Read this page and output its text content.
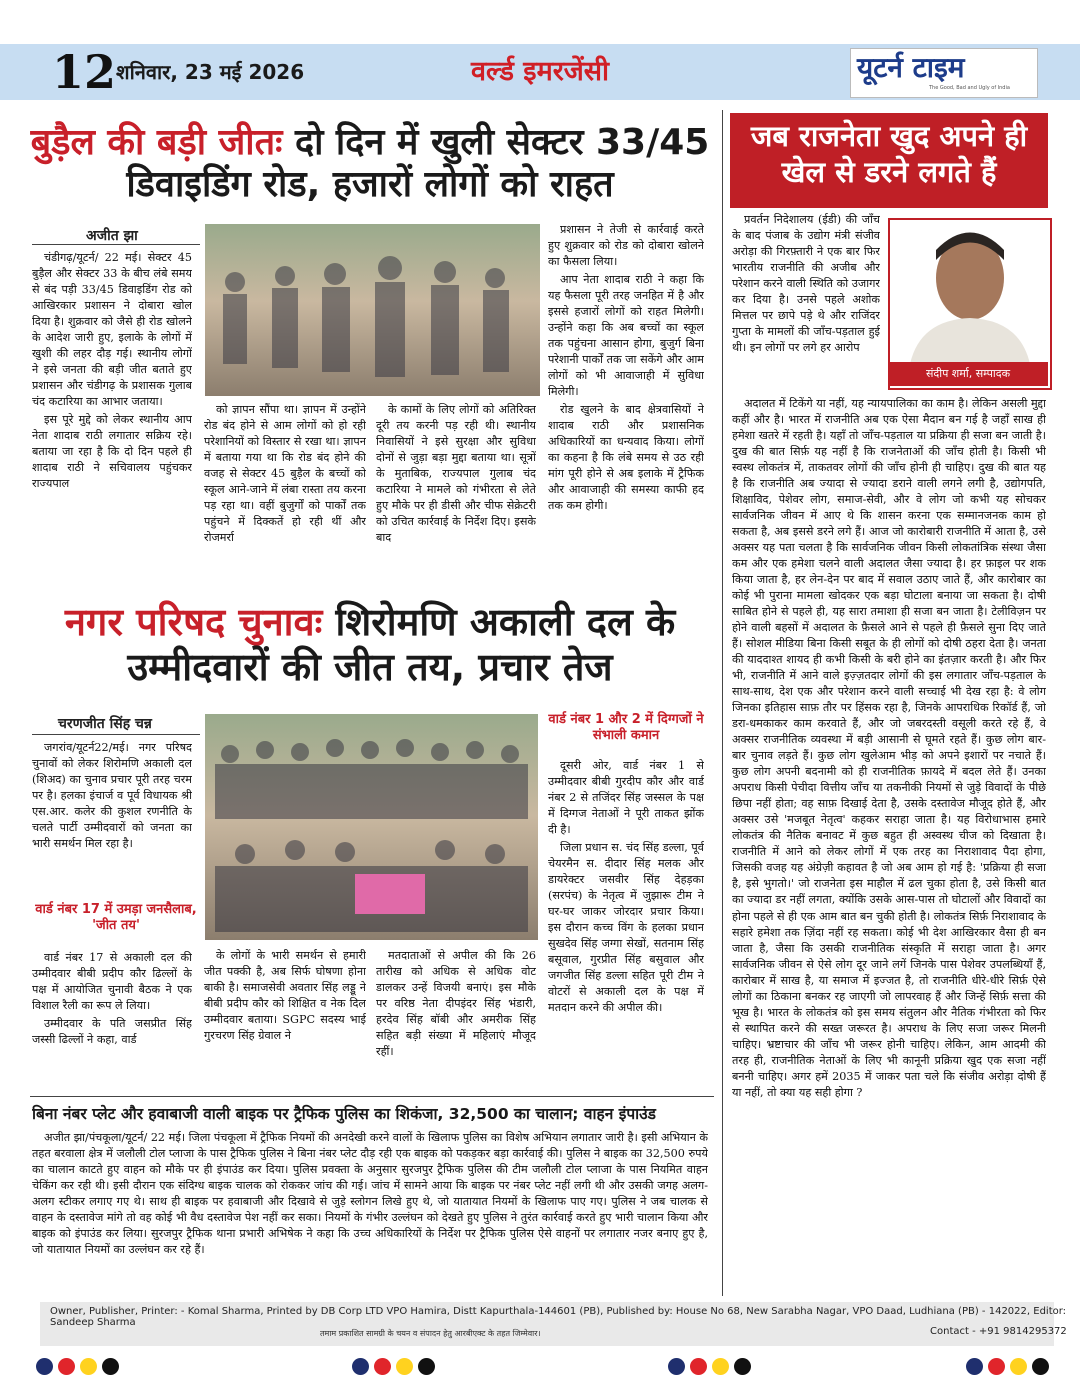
12 शनिवार, 23 मई 2026	वर्ल्ड इमरजेंसी	यूटर्न टाइम
The Good, Bad and Ugly of India
बुड़ैल की बड़ी जीतः दो दिन में खुली सेक्टर 33/45
डिवाइडिंग रोड, हजारों लोगों को राहत
अजीत झा

चंडीगढ़/यूटर्न/ 22 मई। सेक्टर 45 बुड़ैल और सेक्टर 33 के बीच लंबे समय से बंद पड़ी 33/45 डिवाइडिंग रोड को आखिरकार प्रशासन ने दोबारा खोल दिया है। शुक्रवार को जैसे ही रोड खोलने के आदेश जारी हुए, इलाके के लोगों में खुशी की लहर दौड़ गई। स्थानीय लोगों ने इसे जनता की बड़ी जीत बताते हुए प्रशासन और चंडीगढ़ के प्रशासक गुलाब चंद कटारिया का आभार जताया।

इस पूरे मुद्दे को लेकर स्थानीय आप नेता शादाब राठी लगातार सक्रिय रहे। बताया जा रहा है कि दो दिन पहले ही शादाब राठी ने सचिवालय पहुंचकर राज्यपाल

को ज्ञापन सौंपा था। ज्ञापन में उन्होंने रोड बंद होने से आम लोगों को हो रही परेशानियों को विस्तार से रखा था। ज्ञापन में बताया गया था कि रोड बंद होने की वजह से सेक्टर 45 बुड़ैल के बच्चों को स्कूल आने-जाने में लंबा रास्ता तय करना पड़ रहा था। वहीं बुजुर्गों को पार्कों तक पहुंचने में दिक्कतें हो रही थीं और रोजमर्रा

के कामों के लिए लोगों को अतिरिक्त दूरी तय करनी पड़ रही थी। स्थानीय निवासियों ने इसे सुरक्षा और सुविधा दोनों से जुड़ा बड़ा मुद्दा बताया था। सूत्रों के मुताबिक, राज्यपाल गुलाब चंद कटारिया ने मामले को गंभीरता से लेते हुए मौके पर ही डीसी और चीफ सेक्रेटरी को उचित कार्रवाई के निर्देश दिए। इसके बाद

प्रशासन ने तेजी से कार्रवाई करते हुए शुक्रवार को रोड को दोबारा खोलने का फैसला लिया।

आप नेता शादाब राठी ने कहा कि यह फैसला पूरी तरह जनहित में है और इससे हजारों लोगों को राहत मिलेगी। उन्होंने कहा कि अब बच्चों का स्कूल तक पहुंचना आसान होगा, बुजुर्ग बिना परेशानी पार्कों तक जा सकेंगे और आम लोगों को भी आवाजाही में सुविधा मिलेगी।

रोड खुलने के बाद क्षेत्रवासियों ने शादाब राठी और प्रशासनिक अधिकारियों का धन्यवाद किया। लोगों का कहना है कि लंबे समय से उठ रही मांग पूरी होने से अब इलाके में ट्रैफिक और आवाजाही की समस्या काफी हद तक कम होगी।

नगर परिषद चुनावः शिरोमणि अकाली दल के
उम्मीदवारों की जीत तय, प्रचार तेज
चरणजीत सिंह चन्न

जगरांव/यूटर्न22/मई। नगर परिषद चुनावों को लेकर शिरोमणि अकाली दल (शिअद) का चुनाव प्रचार पूरी तरह चरम पर है। हलका इंचार्ज व पूर्व विधायक श्री एस.आर. कलेर की कुशल रणनीति के चलते पार्टी उम्मीदवारों को जनता का भारी समर्थन मिल रहा है।

वार्ड नंबर 17 में उमड़ा जनसैलाब, 'जीत तय'

वार्ड नंबर 17 से अकाली दल की उम्मीदवार बीबी प्रदीप कौर ढिल्लों के पक्ष में आयोजित चुनावी बैठक ने एक विशाल रैली का रूप ले लिया।

उम्मीदवार के पति जसप्रीत सिंह जस्सी ढिल्लों ने कहा, वार्ड

के लोगों के भारी समर्थन से हमारी जीत पक्की है, अब सिर्फ घोषणा होना बाकी है। समाजसेवी अवतार सिंह लड्डू ने बीबी प्रदीप कौर को शिक्षित व नेक दिल उम्मीदवार बताया। SGPC सदस्य भाई गुरचरण सिंह ग्रेवाल ने

मतदाताओं से अपील की कि 26 तारीख को अधिक से अधिक वोट डालकर उन्हें विजयी बनाएं। इस मौके पर वरिष्ठ नेता दीपइंदर सिंह भंडारी, हरदेव सिंह बॉबी और अमरीक सिंह सहित बड़ी संख्या में महिलाएं मौजूद रहीं।

वार्ड नंबर 1 और 2 में दिग्गजों ने संभाली कमान

दूसरी ओर, वार्ड नंबर 1 से उम्मीदवार बीबी गुरदीप कौर और वार्ड नंबर 2 से तजिंदर सिंह जस्सल के पक्ष में दिग्गज नेताओं ने पूरी ताकत झोंक दी है।

जिला प्रधान स. चंद सिंह डल्ला, पूर्व चेयरमैन स. दीदार सिंह मलक और डायरेक्टर जसवीर सिंह देहड़का (सरपंच) के नेतृत्व में जुझारू टीम ने घर-घर जाकर जोरदार प्रचार किया। इस दौरान कच्च विंग के हलका प्रधान सुखदेव सिंह जग्गा सेखों, सतनाम सिंह बसूवाल, गुरप्रीत सिंह बसुवाल और जगजीत सिंह डल्ला सहित पूरी टीम ने वोटरों से अकाली दल के पक्ष में मतदान करने की अपील की।

बिना नंबर प्लेट और हवाबाजी वाली बाइक पर ट्रैफिक पुलिस का शिकंजा, 32,500 का चालान; वाहन इंपाउंड

अजीत झा/पंचकूला/यूटर्न/ 22 मई। जिला पंचकूला में ट्रैफिक नियमों की अनदेखी करने वालों के खिलाफ पुलिस का विशेष अभियान लगातार जारी है। इसी अभियान के तहत बरवाला क्षेत्र में जलौली टोल प्लाजा के पास ट्रैफिक पुलिस ने बिना नंबर प्लेट दौड़ रही एक बाइक को पकड़कर बड़ा कार्रवाई की। पुलिस ने बाइक का 32,500 रुपये का चालान काटते हुए वाहन को मौके पर ही इंपाउंड कर दिया। पुलिस प्रवक्ता के अनुसार सुरजपुर ट्रैफिक पुलिस की टीम जलौली टोल प्लाजा के पास नियमित वाहन चेकिंग कर रही थी। इसी दौरान एक संदिग्ध बाइक चालक को रोककर जांच की गई। जांच में सामने आया कि बाइक पर नंबर प्लेट नहीं लगी थी और उसकी जगह अलग-अलग स्टीकर लगाए गए थे। साथ ही बाइक पर हवाबाजी और दिखावे से जुड़े स्लोगन लिखे हुए थे, जो यातायात नियमों के खिलाफ पाए गए। पुलिस ने जब चालक से वाहन के दस्तावेज मांगे तो वह कोई भी वैध दस्तावेज पेश नहीं कर सका। नियमों के गंभीर उल्लंघन को देखते हुए पुलिस ने तुरंत कार्रवाई करते हुए भारी चालान किया और बाइक को इंपाउंड कर लिया। सुरजपुर ट्रैफिक थाना प्रभारी अभिषेक ने कहा कि उच्च अधिकारियों के निर्देश पर ट्रैफिक पुलिस ऐसे वाहनों पर लगातार नजर बनाए हुए है, जो यातायात नियमों का उल्लंघन कर रहे हैं।

जब राजनेता खुद अपने ही
खेल से डरने लगते हैं
संदीप शर्मा, सम्पादक

प्रवर्तन निदेशालय (ईडी) की जाँच के बाद पंजाब के उद्योग मंत्री संजीव अरोड़ा की गिरफ़्तारी ने एक बार फिर भारतीय राजनीति की अजीब और परेशान करने वाली स्थिति को उजागर कर दिया है। उनसे पहले अशोक मित्तल पर छापे पड़े थे और राजिंदर गुप्ता के मामलों की जाँच-पड़ताल हुई थी। इन लोगों पर लगे हर आरोप

अदालत में टिकेंगे या नहीं, यह न्यायपालिका का काम है। लेकिन असली मुद्दा कहीं और है। भारत में राजनीति अब एक ऐसा मैदान बन गई है जहाँ साख ही हमेशा खतरे में रहती है। यहाँ तो जाँच-पड़ताल या प्रक्रिया ही सजा बन जाती है। दुख की बात सिर्फ़ यह नहीं है कि राजनेताओं की जाँच होती है। किसी भी स्वस्थ लोकतंत्र में, ताकतवर लोगों की जाँच होनी ही चाहिए। दुख की बात यह है कि राजनीति अब ज्यादा से ज्यादा डराने वाली लगने लगी है, उद्योगपति, शिक्षाविद, पेशेवर लोग, समाज-सेवी, और वे लोग जो कभी यह सोचकर सार्वजनिक जीवन में आए थे कि शासन करना एक सम्मानजनक काम हो सकता है, अब इससे डरने लगे हैं। आज जो कारोबारी राजनीति में आता है, उसे अक्सर यह पता चलता है कि सार्वजनिक जीवन किसी लोकतांत्रिक संस्था जैसा कम और एक हमेशा चलने वाली अदालत जैसा ज्यादा है। हर फ़ाइल पर शक किया जाता है, हर लेन-देन पर बाद में सवाल उठाए जाते हैं, और कारोबार का कोई भी पुराना मामला खोदकर एक बड़ा घोटाला बनाया जा सकता है। दोषी साबित होने से पहले ही, यह सारा तमाशा ही सजा बन जाता है। टेलीविज़न पर होने वाली बहसों में अदालत के फ़ैसले आने से पहले ही फ़ैसले सुना दिए जाते हैं। सोशल मीडिया बिना किसी सबूत के ही लोगों को दोषी ठहरा देता है। जनता की याददाश्त शायद ही कभी किसी के बरी होने का इंतज़ार करती है। और फिर भी, राजनीति में आने वाले इज़्ज़तदार लोगों की इस लगातार जाँच-पड़ताल के साथ-साथ, देश एक और परेशान करने वाली सच्चाई भी देख रहा है: वे लोग जिनका इतिहास साफ़ तौर पर हिंसक रहा है, जिनके आपराधिक रिकॉर्ड हैं, जो डरा-धमकाकर काम करवाते हैं, और जो जबरदस्ती वसूली करते रहे हैं, वे अक्सर राजनीतिक व्यवस्था में बड़ी आसानी से घूमते रहते हैं। कुछ लोग बार-बार चुनाव लड़ते हैं। कुछ लोग खुलेआम भीड़ को अपने इशारों पर नचाते हैं। कुछ लोग अपनी बदनामी को ही राजनीतिक फ़ायदे में बदल लेते हैं। उनका अपराध किसी पेचीदा वित्तीय जाँच या तकनीकी नियमों से जुड़े विवादों के पीछे छिपा नहीं होता; वह साफ़ दिखाई देता है, उसके दस्तावेज मौजूद होते हैं, और अक्सर उसे 'मजबूत नेतृत्व' कहकर सराहा जाता है। यह विरोधाभास हमारे लोकतंत्र की नैतिक बनावट में कुछ बहुत ही अस्वस्थ चीज को दिखाता है। राजनीति में आने को लेकर लोगों में एक तरह का निराशावाद पैदा होगा, जिसकी वजह यह अंग्रेज़ी कहावत है जो अब आम हो गई है: 'प्रक्रिया ही सजा है, इसे भुगतो।' जो राजनेता इस माहौल में ढल चुका होता है, उसे किसी बात का ज्यादा डर नहीं लगता, क्योंकि उसके आस-पास तो घोटालों और विवादों का होना पहले से ही एक आम बात बन चुकी होती है। लोकतंत्र सिर्फ़ निराशावाद के सहारे हमेशा तक ज़िंदा नहीं रह सकता। कोई भी देश आखिरकार वैसा ही बन जाता है, जैसा कि उसकी राजनीतिक संस्कृति में सराहा जाता है। अगर सार्वजनिक जीवन से ऐसे लोग दूर जाने लगें जिनके पास पेशेवर उपलब्धियाँ हैं, कारोबार में साख है, या समाज में इज्जत है, तो राजनीति धीरे-धीरे सिर्फ़ ऐसे लोगों का ठिकाना बनकर रह जाएगी जो लापरवाह हैं और जिन्हें सिर्फ़ सत्ता की भूख है। भारत के लोकतंत्र को इस समय संतुलन और नैतिक गंभीरता को फिर से स्थापित करने की सख्त जरूरत है। अपराध के लिए सजा जरूर मिलनी चाहिए। भ्रष्टाचार की जाँच भी जरूर होनी चाहिए। लेकिन, आम आदमी की तरह ही, राजनीतिक नेताओं के लिए भी कानूनी प्रक्रिया खुद एक सजा नहीं बननी चाहिए। अगर हमें 2035 में जाकर पता चले कि संजीव अरोड़ा दोषी हैं या नहीं, तो क्या यह सही होगा ?

Owner, Publisher, Printer: - Komal Sharma, Printed by DB Corp LTD VPO Hamira, Distt Kapurthala-144601 (PB), Published by: House No 68, New Sarabha Nagar, VPO Daad, Ludhiana (PB) - 142022, Editor: Sandeep Sharma
तमाम प्रकाशित सामग्री के चयन व संपादन हेतु आरबीएक्ट के तहत जिम्मेवार।	Contact - +91 9814295372
